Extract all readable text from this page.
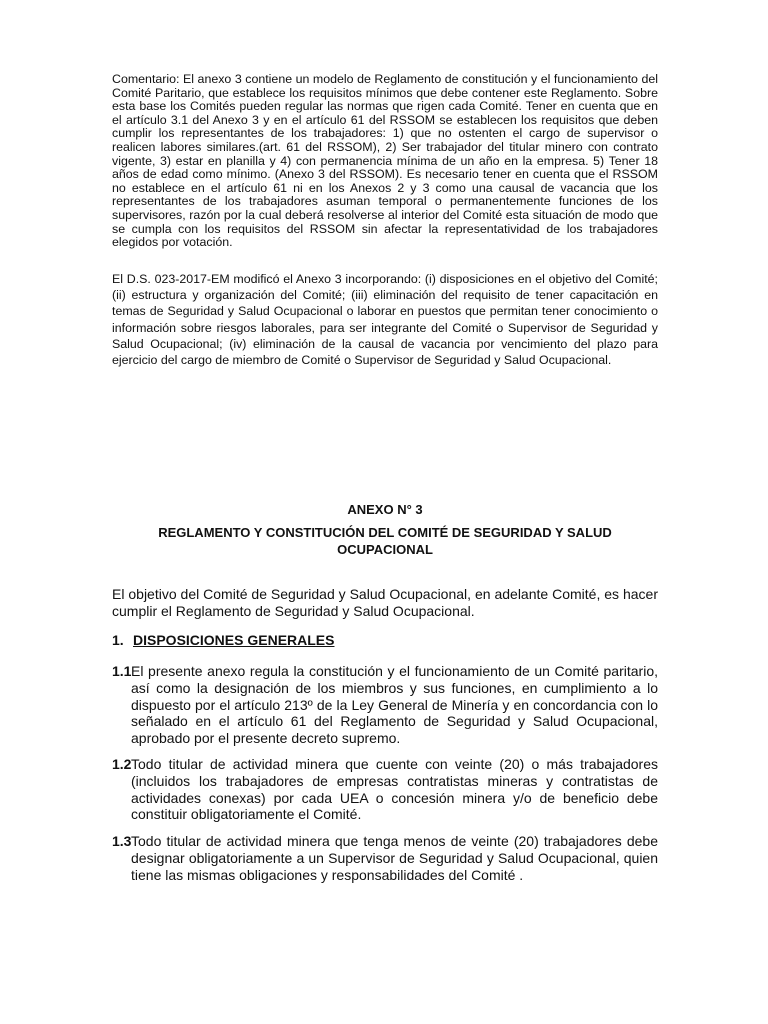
Comentario: El anexo 3 contiene un modelo de Reglamento de constitución y el funcionamiento del Comité Paritario, que establece los requisitos mínimos que debe contener este Reglamento. Sobre esta base los Comités pueden regular las normas que rigen cada Comité. Tener en cuenta que en el artículo 3.1 del Anexo 3 y en el artículo 61 del RSSOM se establecen los requisitos que deben cumplir los representantes de los trabajadores: 1) que no ostenten el cargo de supervisor o realicen labores similares.(art. 61 del RSSOM), 2) Ser trabajador del titular minero con contrato vigente, 3) estar en planilla y 4) con permanencia mínima de un año en la empresa. 5) Tener 18 años de edad como mínimo. (Anexo 3 del RSSOM). Es necesario tener en cuenta que el RSSOM no establece en el artículo 61 ni en los Anexos 2 y 3 como una causal de vacancia que los representantes de los trabajadores asuman temporal o permanentemente funciones de los supervisores, razón por la cual deberá resolverse al interior del Comité esta situación de modo que se cumpla con los requisitos del RSSOM sin afectar la representatividad de los trabajadores elegidos por votación.

El D.S. 023-2017-EM modificó el Anexo 3 incorporando: (i) disposiciones en el objetivo del Comité; (ii) estructura y organización del Comité; (iii) eliminación del requisito de tener capacitación en temas de Seguridad y Salud Ocupacional o laborar en puestos que permitan tener conocimiento o información sobre riesgos laborales, para ser integrante del Comité o Supervisor de Seguridad y Salud Ocupacional; (iv) eliminación de la causal de vacancia por vencimiento del plazo para ejercicio del cargo de miembro de Comité o Supervisor de Seguridad y Salud Ocupacional.

ANEXO N° 3
REGLAMENTO Y CONSTITUCIÓN DEL COMITÉ DE SEGURIDAD Y SALUD OCUPACIONAL

El objetivo del Comité de Seguridad y Salud Ocupacional, en adelante Comité, es hacer cumplir el Reglamento de Seguridad y Salud Ocupacional.

1. DISPOSICIONES GENERALES
1.1 El presente anexo regula la constitución y el funcionamiento de un Comité paritario, así como la designación de los miembros y sus funciones, en cumplimiento a lo dispuesto por el artículo 213º de la Ley General de Minería y en concordancia con lo señalado en el artículo 61 del Reglamento de Seguridad y Salud Ocupacional, aprobado por el presente decreto supremo.
1.2 Todo titular de actividad minera que cuente con veinte (20) o más trabajadores (incluidos los trabajadores de empresas contratistas mineras y contratistas de actividades conexas) por cada UEA o concesión minera y/o de beneficio debe constituir obligatoriamente el Comité.
1.3 Todo titular de actividad minera que tenga menos de veinte (20) trabajadores debe designar obligatoriamente a un Supervisor de Seguridad y Salud Ocupacional, quien tiene las mismas obligaciones y responsabilidades del Comité .
